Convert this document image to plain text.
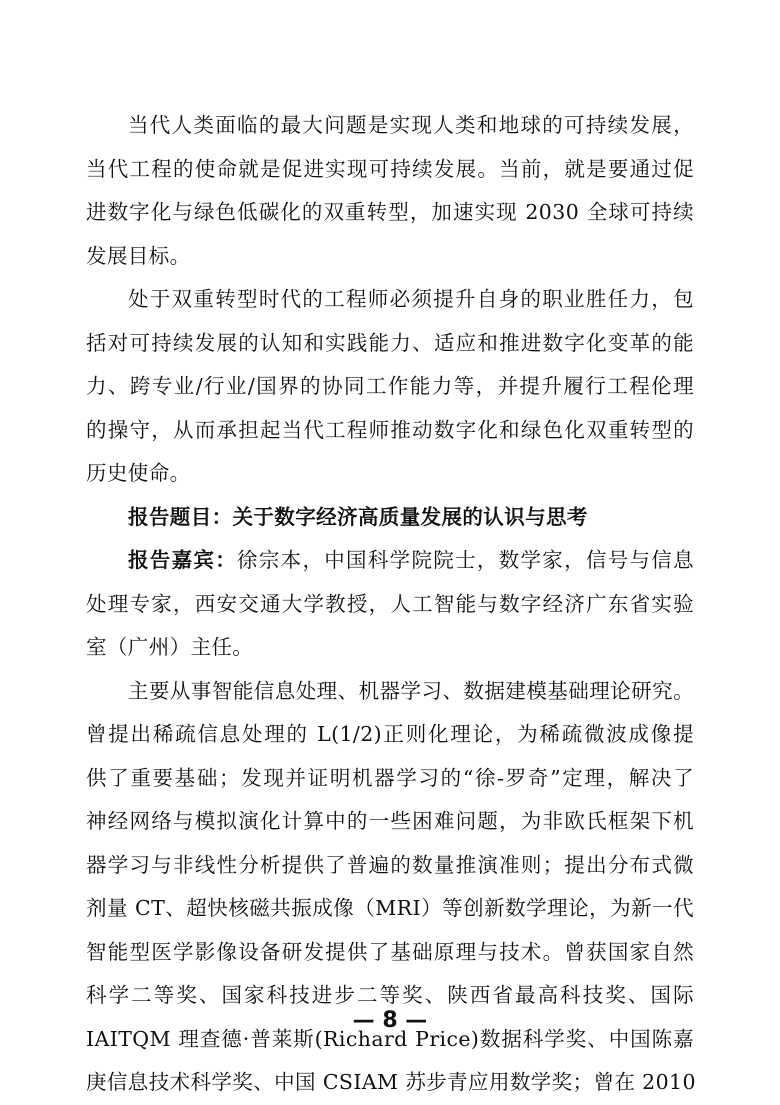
当代人类面临的最大问题是实现人类和地球的可持续发展，
当代工程的使命就是促进实现可持续发展。当前，就是要通过促
进数字化与绿色低碳化的双重转型，加速实现 2030 全球可持续
发展目标。
处于双重转型时代的工程师必须提升自身的职业胜任力，包
括对可持续发展的认知和实践能力、适应和推进数字化变革的能
力、跨专业/行业/国界的协同工作能力等，并提升履行工程伦理
的操守，从而承担起当代工程师推动数字化和绿色化双重转型的
历史使命。
报告题目：关于数字经济高质量发展的认识与思考
报告嘉宾：徐宗本，中国科学院院士，数学家，信号与信息
处理专家，西安交通大学教授，人工智能与数字经济广东省实验
室（广州）主任。
主要从事智能信息处理、机器学习、数据建模基础理论研究。
曾提出稀疏信息处理的 L(1/2)正则化理论，为稀疏微波成像提
供了重要基础；发现并证明机器学习的“徐-罗奇”定理，解决了
神经网络与模拟演化计算中的一些困难问题，为非欧氏框架下机
器学习与非线性分析提供了普遍的数量推演准则；提出分布式微
剂量 CT、超快核磁共振成像（MRI）等创新数学理论，为新一代
智能型医学影像设备研发提供了基础原理与技术。曾获国家自然
科学二等奖、国家科技进步二等奖、陕西省最高科技奖、国际
IAITQM 理查德·普莱斯(Richard Price)数据科学奖、中国陈嘉
庚信息技术科学奖、中国 CSIAM 苏步青应用数学奖；曾在 2010
— 8 —
